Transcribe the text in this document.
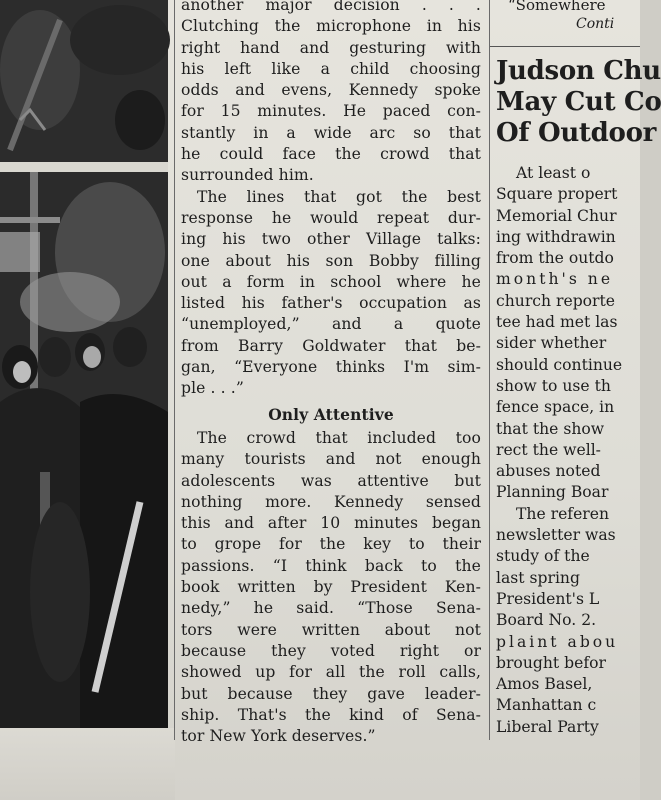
another major decision . . .
Clutching the microphone in his
right hand and gesturing with
his left like a child choosing
odds and evens, Kennedy spoke
for 15 minutes. He paced con-
stantly in a wide arc so that
he could face the crowd that
surrounded him.
The lines that got the best
response he would repeat dur-
ing his two other Village talks:
one about his son Bobby filling
out a form in school where he
listed his father's occupation as
“unemployed,” and a quote
from Barry Goldwater that be-
gan, “Everyone thinks I'm sim-
ple . . .”
Only Attentive
The crowd that included too
many tourists and not enough
adolescents was attentive but
nothing more. Kennedy sensed
this and after 10 minutes began
to grope for the key to their
passions. “I think back to the
book written by President Ken-
nedy,” he said. “Those Sena-
tors were written about not
because they voted right or
showed up for all the roll calls,
but because they gave leader-
ship. That's the kind of Sena-
tor New York deserves.”
“Somewhere
Conti
Judson Chu
May Cut Co
Of Outdoor
At least o
Square propert
Memorial Chur
ing withdrawin
from the outdo
month's ne
church reporte
tee had met las
sider whether
should continue
show to use th
fence space, in
that the show
rect the well-
abuses noted
Planning Boar
The referen
newsletter was
study of the
last spring
President's L
Board No. 2.
plaint abou
brought befor
Amos Basel,
Manhattan c
Liberal Party
